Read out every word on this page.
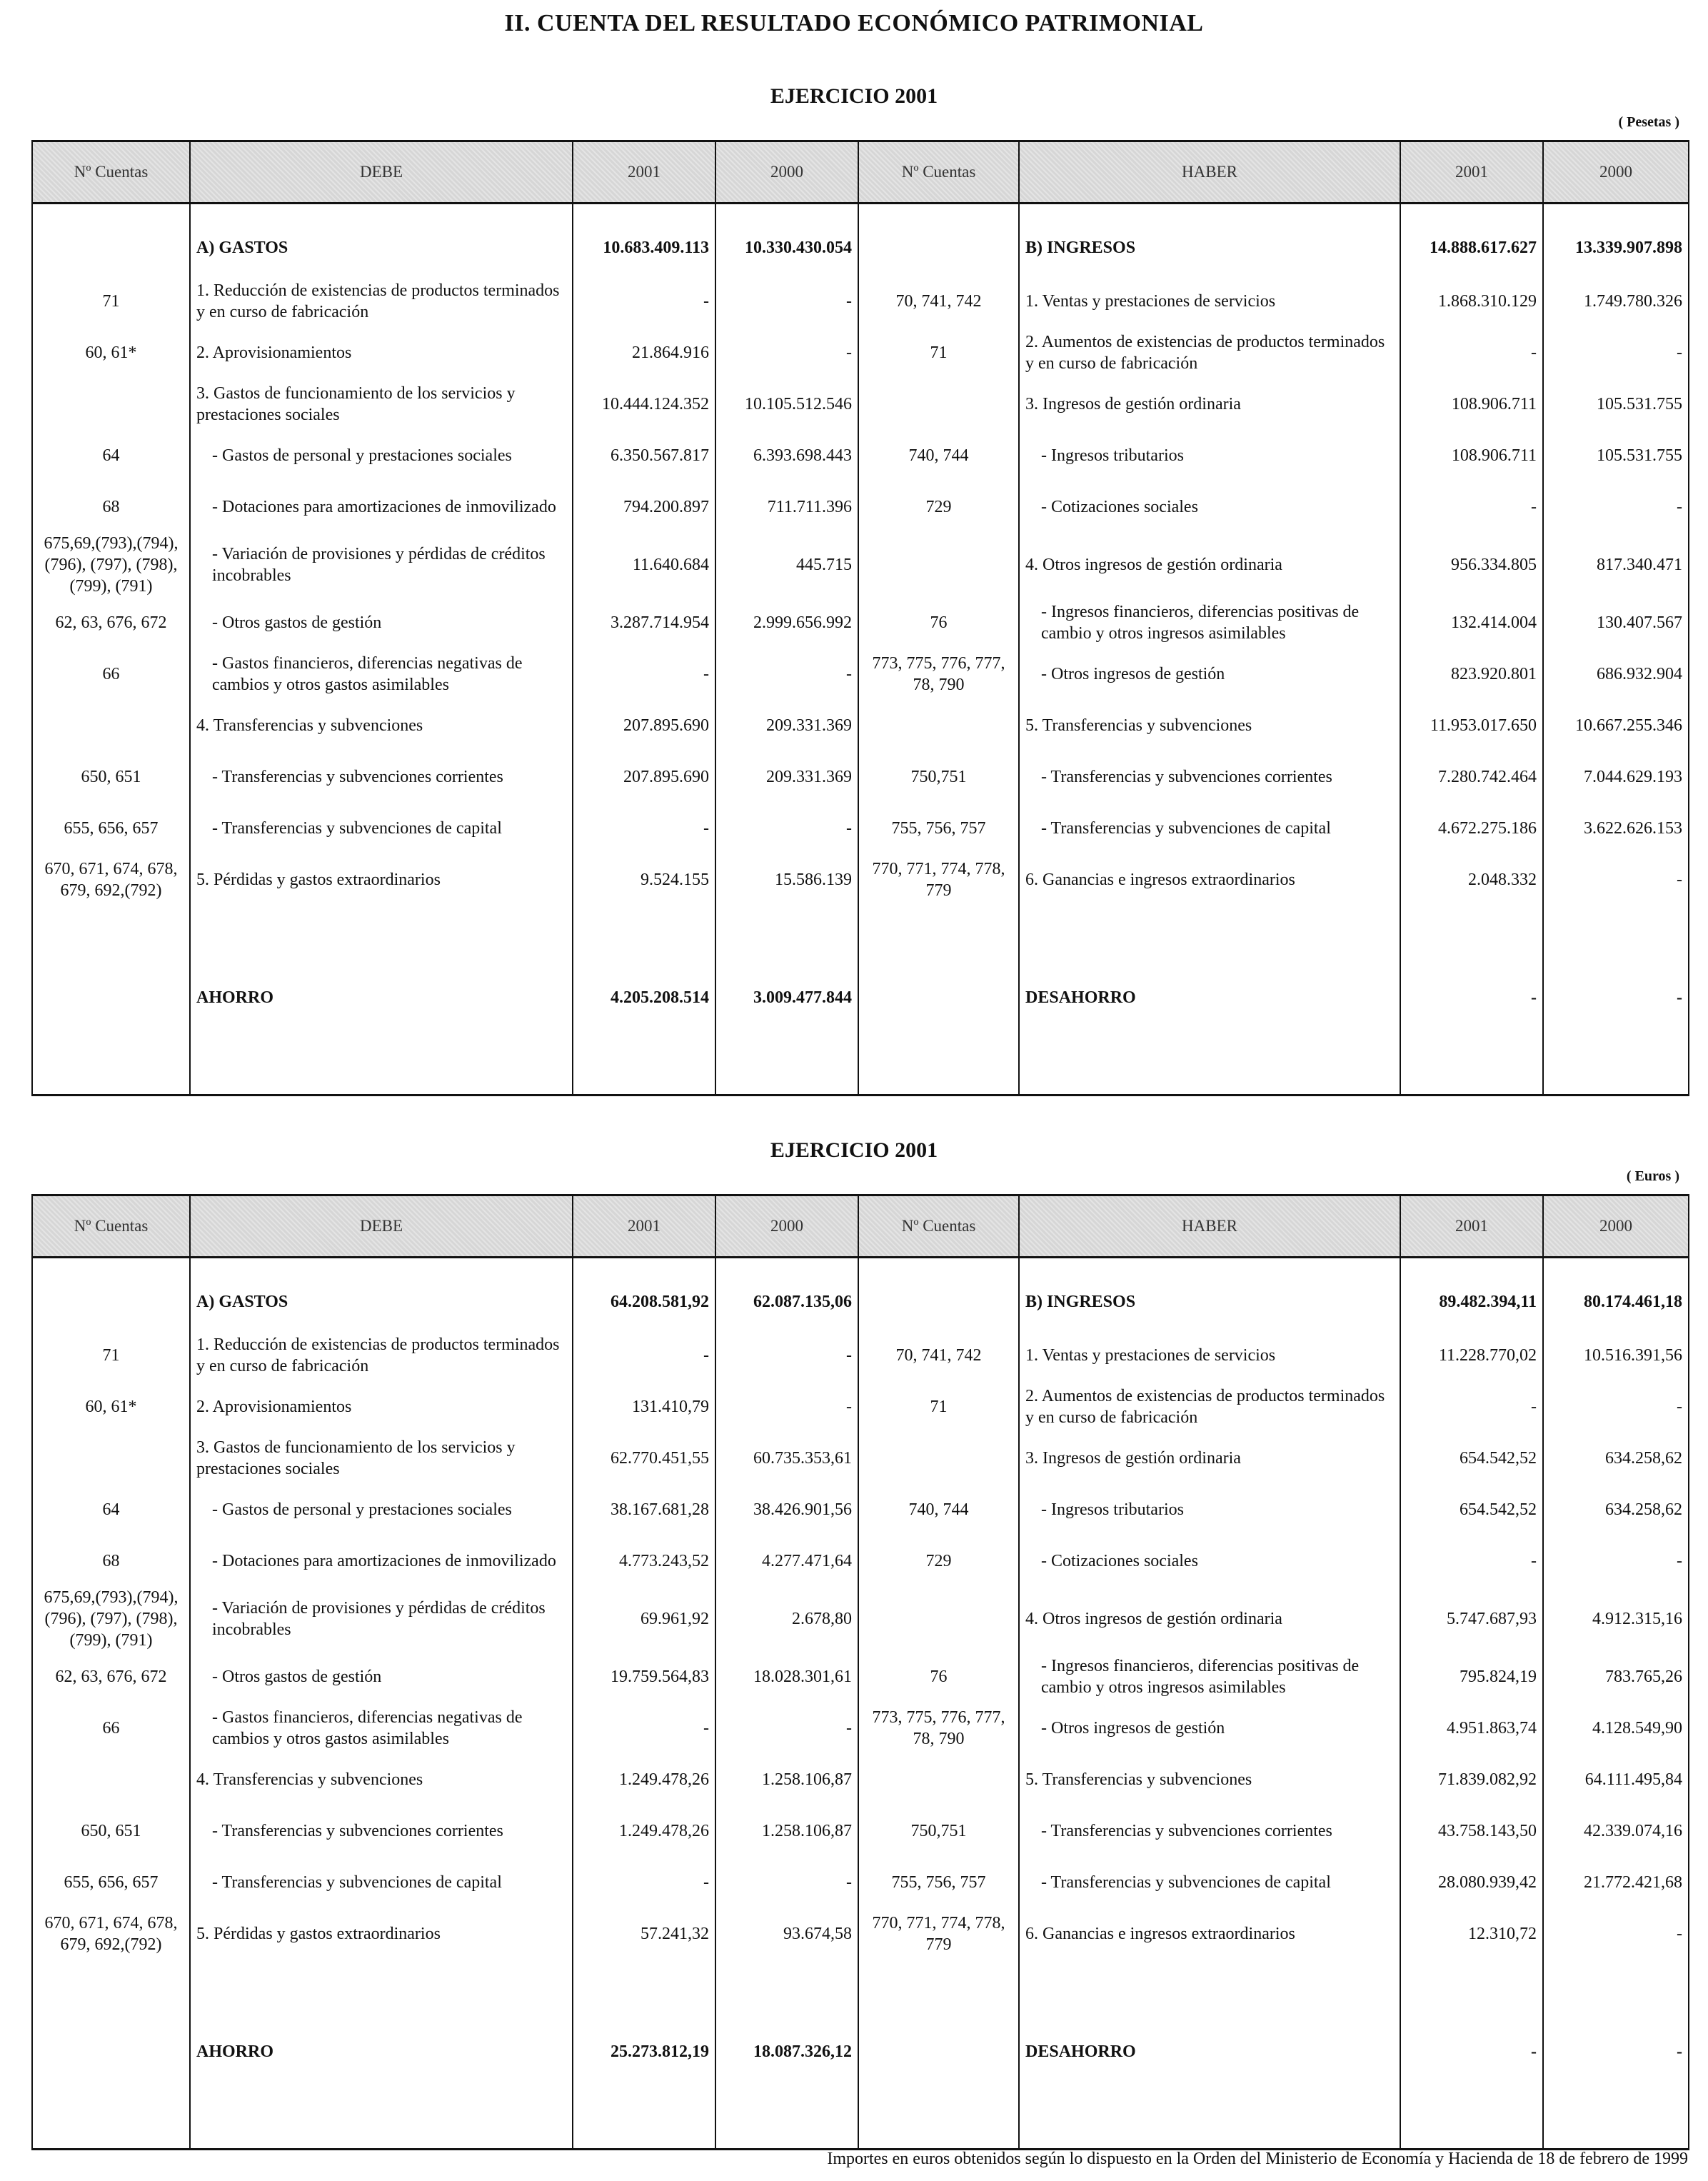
II. CUENTA DEL RESULTADO ECONÓMICO PATRIMONIAL
EJERCICIO 2001
( Pesetas )
Nº Cuentas	DEBE	2001	2000	Nº Cuentas	HABER	2001	2000

	A) GASTOS	10.683.409.113	10.330.430.054		B) INGRESOS	14.888.617.627	13.339.907.898
71	1. Reducción de existencias de productos terminados y en curso de fabricación	-	-	70, 741, 742	1. Ventas y prestaciones de servicios	1.868.310.129	1.749.780.326
60, 61*	2. Aprovisionamientos	21.864.916	-	71	2. Aumentos de existencias de productos terminados y en curso de fabricación	-	-
	3. Gastos de funcionamiento de los servicios y prestaciones sociales	10.444.124.352	10.105.512.546		3. Ingresos de gestión ordinaria	108.906.711	105.531.755
64	- Gastos de personal y prestaciones sociales	6.350.567.817	6.393.698.443	740, 744	- Ingresos tributarios	108.906.711	105.531.755
68	- Dotaciones para amortizaciones de inmovilizado	794.200.897	711.711.396	729	- Cotizaciones sociales	-	-
675,69,(793),(794), (796), (797), (798), (799), (791)	- Variación de provisiones y pérdidas de créditos incobrables	11.640.684	445.715		4. Otros ingresos de gestión ordinaria	956.334.805	817.340.471
62, 63, 676, 672	- Otros gastos de gestión	3.287.714.954	2.999.656.992	76	- Ingresos financieros, diferencias positivas de cambio y otros ingresos asimilables	132.414.004	130.407.567
66	- Gastos financieros, diferencias negativas de cambios y otros gastos asimilables	-	-	773, 775, 776, 777, 78, 790	- Otros ingresos de gestión	823.920.801	686.932.904
	4. Transferencias y subvenciones	207.895.690	209.331.369		5. Transferencias y subvenciones	11.953.017.650	10.667.255.346
650, 651	- Transferencias y subvenciones corrientes	207.895.690	209.331.369	750,751	- Transferencias y subvenciones corrientes	7.280.742.464	7.044.629.193
655, 656, 657	- Transferencias y subvenciones de capital	-	-	755, 756, 757	- Transferencias y subvenciones de capital	4.672.275.186	3.622.626.153
670, 671, 674, 678, 679, 692,(792)	5. Pérdidas y gastos extraordinarios	9.524.155	15.586.139	770, 771, 774, 778, 779	6. Ganancias e ingresos extraordinarios	2.048.332	-

	AHORRO	4.205.208.514	3.009.477.844		DESAHORRO	-	-

EJERCICIO 2001
( Euros )
Nº Cuentas	DEBE	2001	2000	Nº Cuentas	HABER	2001	2000

	A) GASTOS	64.208.581,92	62.087.135,06		B) INGRESOS	89.482.394,11	80.174.461,18
71	1. Reducción de existencias de productos terminados y en curso de fabricación	-	-	70, 741, 742	1. Ventas y prestaciones de servicios	11.228.770,02	10.516.391,56
60, 61*	2. Aprovisionamientos	131.410,79	-	71	2. Aumentos de existencias de productos terminados y en curso de fabricación	-	-
	3. Gastos de funcionamiento de los servicios y prestaciones sociales	62.770.451,55	60.735.353,61		3. Ingresos de gestión ordinaria	654.542,52	634.258,62
64	- Gastos de personal y prestaciones sociales	38.167.681,28	38.426.901,56	740, 744	- Ingresos tributarios	654.542,52	634.258,62
68	- Dotaciones para amortizaciones de inmovilizado	4.773.243,52	4.277.471,64	729	- Cotizaciones sociales	-	-
675,69,(793),(794), (796), (797), (798), (799), (791)	- Variación de provisiones y pérdidas de créditos incobrables	69.961,92	2.678,80		4. Otros ingresos de gestión ordinaria	5.747.687,93	4.912.315,16
62, 63, 676, 672	- Otros gastos de gestión	19.759.564,83	18.028.301,61	76	- Ingresos financieros, diferencias positivas de cambio y otros ingresos asimilables	795.824,19	783.765,26
66	- Gastos financieros, diferencias negativas de cambios y otros gastos asimilables	-	-	773, 775, 776, 777, 78, 790	- Otros ingresos de gestión	4.951.863,74	4.128.549,90
	4. Transferencias y subvenciones	1.249.478,26	1.258.106,87		5. Transferencias y subvenciones	71.839.082,92	64.111.495,84
650, 651	- Transferencias y subvenciones corrientes	1.249.478,26	1.258.106,87	750,751	- Transferencias y subvenciones corrientes	43.758.143,50	42.339.074,16
655, 656, 657	- Transferencias y subvenciones de capital	-	-	755, 756, 757	- Transferencias y subvenciones de capital	28.080.939,42	21.772.421,68
670, 671, 674, 678, 679, 692,(792)	5. Pérdidas y gastos extraordinarios	57.241,32	93.674,58	770, 771, 774, 778, 779	6. Ganancias e ingresos extraordinarios	12.310,72	-

	AHORRO	25.273.812,19	18.087.326,12		DESAHORRO	-	-

Importes en euros obtenidos según lo dispuesto en la Orden del Ministerio de Economía y Hacienda de 18 de febrero de 1999
